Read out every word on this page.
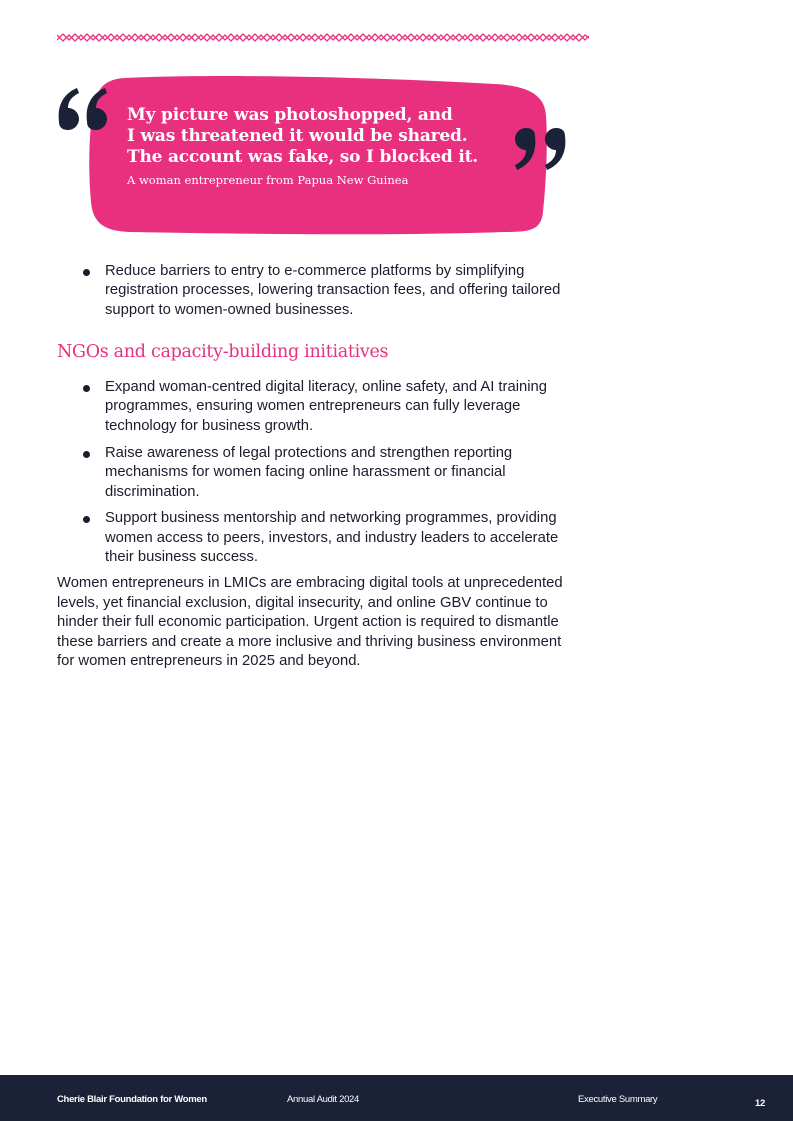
My picture was photoshopped, and
I was threatened it would be shared.
The account was fake, so I blocked it.

A woman entrepreneur from Papua New Guinea

Reduce barriers to entry to e-commerce platforms by simplifying registration processes, lowering transaction fees, and offering tailored support to women-owned businesses.
NGOs and capacity-building initiatives
Expand woman-centred digital literacy, online safety, and AI training programmes, ensuring women entrepreneurs can fully leverage technology for business growth.
Raise awareness of legal protections and strengthen reporting mechanisms for women facing online harassment or financial discrimination.
Support business mentorship and networking programmes, providing women access to peers, investors, and industry leaders to accelerate their business success.

Women entrepreneurs in LMICs are embracing digital tools at unprecedented levels, yet financial exclusion, digital insecurity, and online GBV continue to hinder their full economic participation. Urgent action is required to dismantle these barriers and create a more inclusive and thriving business environment for women entrepreneurs in 2025 and beyond.

Cherie Blair Foundation for Women	Annual Audit 2024	Executive Summary	12
